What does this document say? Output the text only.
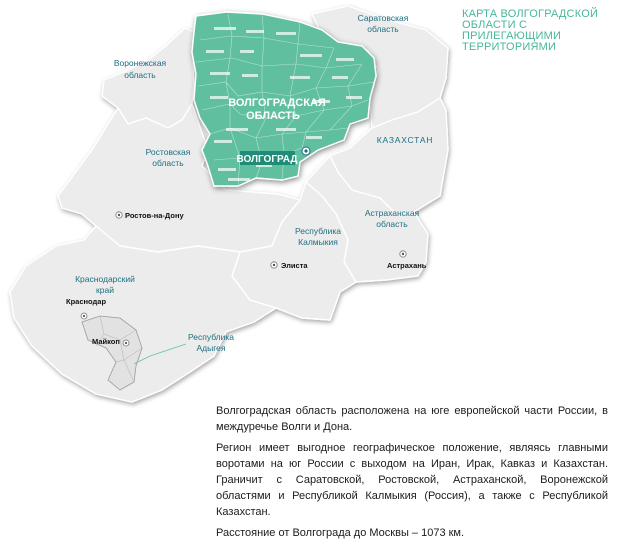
КАРТА ВОЛГОГРАДСКОЙ
ОБЛАСТИ С ПРИЛЕГАЮЩИМИ
ТЕРРИТОРИЯМИ
ВОЛГОГРАДСКАЯ
ОБЛАСТЬ
ВОЛГОГРАД
Саратовская
область
Воронежская
область
Ростовская
область
КАЗАХСТАН
Республика
Калмыкия
Астраханская
область
Краснодарский
край
Республика
Адыгея
Ростов-на-Дону
Элиста	Астрахань
Краснодар
Майкоп

Волгоградская область расположена на юге европейской части России, в междуречье Волги и Дона.

Регион имеет выгодное географическое положение, являясь главными воротами на юг России с выходом на Иран, Ирак, Кавказ и Казахстан. Граничит с Саратовской, Ростовской, Астраханской, Воронежской областями и Республикой Калмыкия (Россия), а также с Республикой Казахстан.

Расстояние от Волгограда до Москвы – 1073 км.
